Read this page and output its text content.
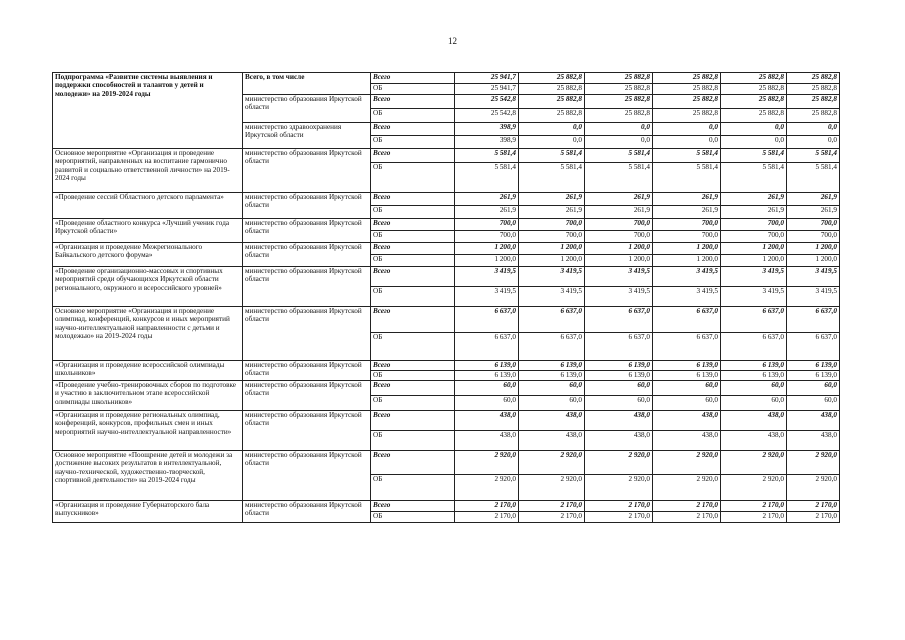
12
Подпрограмма «Развитие системы выявления и поддержки способностей и талантов у детей и молодежи» на 2019-2024 годы	Всего, в том числе	Всего	25 941,7	25 882,8	25 882,8	25 882,8	25 882,8	25 882,8
		ОБ	25 941,7	25 882,8	25 882,8	25 882,8	25 882,8	25 882,8
	министерство образования Иркутской области	Всего	25 542,8	25 882,8	25 882,8	25 882,8	25 882,8	25 882,8
		ОБ	25 542,8	25 882,8	25 882,8	25 882,8	25 882,8	25 882,8
	министерство здравоохранения Иркутской области	Всего	398,9	0,0	0,0	0,0	0,0	0,0
		ОБ	398,9	0,0	0,0	0,0	0,0	0,0
Основное мероприятие «Организация и проведение мероприятий, направленных на воспитание гармонично развитой и социально ответственной личности» на 2019-2024 годы	министерство образования Иркутской области	Всего	5 581,4	5 581,4	5 581,4	5 581,4	5 581,4	5 581,4
		ОБ	5 581,4	5 581,4	5 581,4	5 581,4	5 581,4	5 581,4
«Проведение сессий Областного детского парламента»	министерство образования Иркутской области	Всего	261,9	261,9	261,9	261,9	261,9	261,9
		ОБ	261,9	261,9	261,9	261,9	261,9	261,9
«Проведение областного конкурса «Лучший ученик года Иркутской области»	министерство образования Иркутской области	Всего	700,0	700,0	700,0	700,0	700,0	700,0
		ОБ	700,0	700,0	700,0	700,0	700,0	700,0
«Организация и проведение Межрегионального Байкальского детского форума»	министерство образования Иркутской области	Всего	1 200,0	1 200,0	1 200,0	1 200,0	1 200,0	1 200,0
		ОБ	1 200,0	1 200,0	1 200,0	1 200,0	1 200,0	1 200,0
«Проведение организационно-массовых и спортивных мероприятий среди обучающихся Иркутской области регионального, окружного и всероссийского уровней»	министерство образования Иркутской области	Всего	3 419,5	3 419,5	3 419,5	3 419,5	3 419,5	3 419,5
		ОБ	3 419,5	3 419,5	3 419,5	3 419,5	3 419,5	3 419,5
Основное мероприятие «Организация и проведение олимпиад, конференций, конкурсов и иных мероприятий научно-интеллектуальной направленности с детьми и молодежью» на 2019-2024 годы	министерство образования Иркутской области	Всего	6 637,0	6 637,0	6 637,0	6 637,0	6 637,0	6 637,0
		ОБ	6 637,0	6 637,0	6 637,0	6 637,0	6 637,0	6 637,0
«Организация и проведение всероссийской олимпиады школьников»	министерство образования Иркутской области	Всего	6 139,0	6 139,0	6 139,0	6 139,0	6 139,0	6 139,0
		ОБ	6 139,0	6 139,0	6 139,0	6 139,0	6 139,0	6 139,0
«Проведение учебно-тренировочных сборов по подготовке и участию в заключительном этапе всероссийской олимпиады школьников»	министерство образования Иркутской области	Всего	60,0	60,0	60,0	60,0	60,0	60,0
		ОБ	60,0	60,0	60,0	60,0	60,0	60,0
«Организация и проведение региональных олимпиад, конференций, конкурсов, профильных смен и иных мероприятий научно-интеллектуальной направленности»	министерство образования Иркутской области	Всего	438,0	438,0	438,0	438,0	438,0	438,0
		ОБ	438,0	438,0	438,0	438,0	438,0	438,0
Основное мероприятие «Поощрение детей и молодежи за достижение высоких результатов в интеллектуальной, научно-технической, художественно-творческой, спортивной деятельности» на 2019-2024 годы	министерство образования Иркутской области	Всего	2 920,0	2 920,0	2 920,0	2 920,0	2 920,0	2 920,0
		ОБ	2 920,0	2 920,0	2 920,0	2 920,0	2 920,0	2 920,0
«Организация и проведение Губернаторского бала выпускников»	министерство образования Иркутской области	Всего	2 170,0	2 170,0	2 170,0	2 170,0	2 170,0	2 170,0
		ОБ	2 170,0	2 170,0	2 170,0	2 170,0	2 170,0	2 170,0
